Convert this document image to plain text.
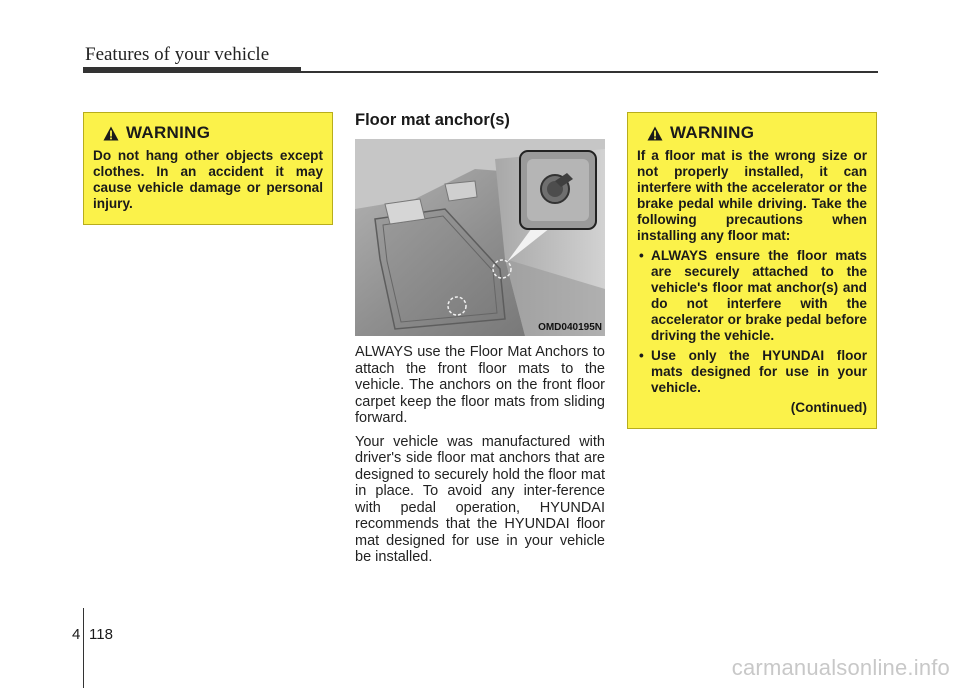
Features of your vehicle
WARNING

Do not hang other objects except clothes. In an accident it may cause vehicle damage or personal injury.

Floor mat anchor(s)
OMD040195N

ALWAYS use the Floor Mat Anchors to attach the front floor mats to the vehicle. The anchors on the front floor carpet keep the floor mats from sliding forward.

Your vehicle was manufactured with driver's side floor mat anchors that are designed to securely hold the floor mat in place. To avoid any inter-ference with pedal operation, HYUNDAI recommends that the HYUNDAI floor mat designed for use in your vehicle be installed.

WARNING

If a floor mat is the wrong size or not properly installed, it can interfere with the accelerator or the brake pedal while driving. Take the following precautions when installing any floor mat:

• ALWAYS ensure the floor mats are securely attached to the vehicle's floor mat anchor(s) and do not interfere with the accelerator or brake pedal before driving the vehicle.
• Use only the HYUNDAI floor mats designed for use in your vehicle.

(Continued)

4 118
carmanualsonline.info
